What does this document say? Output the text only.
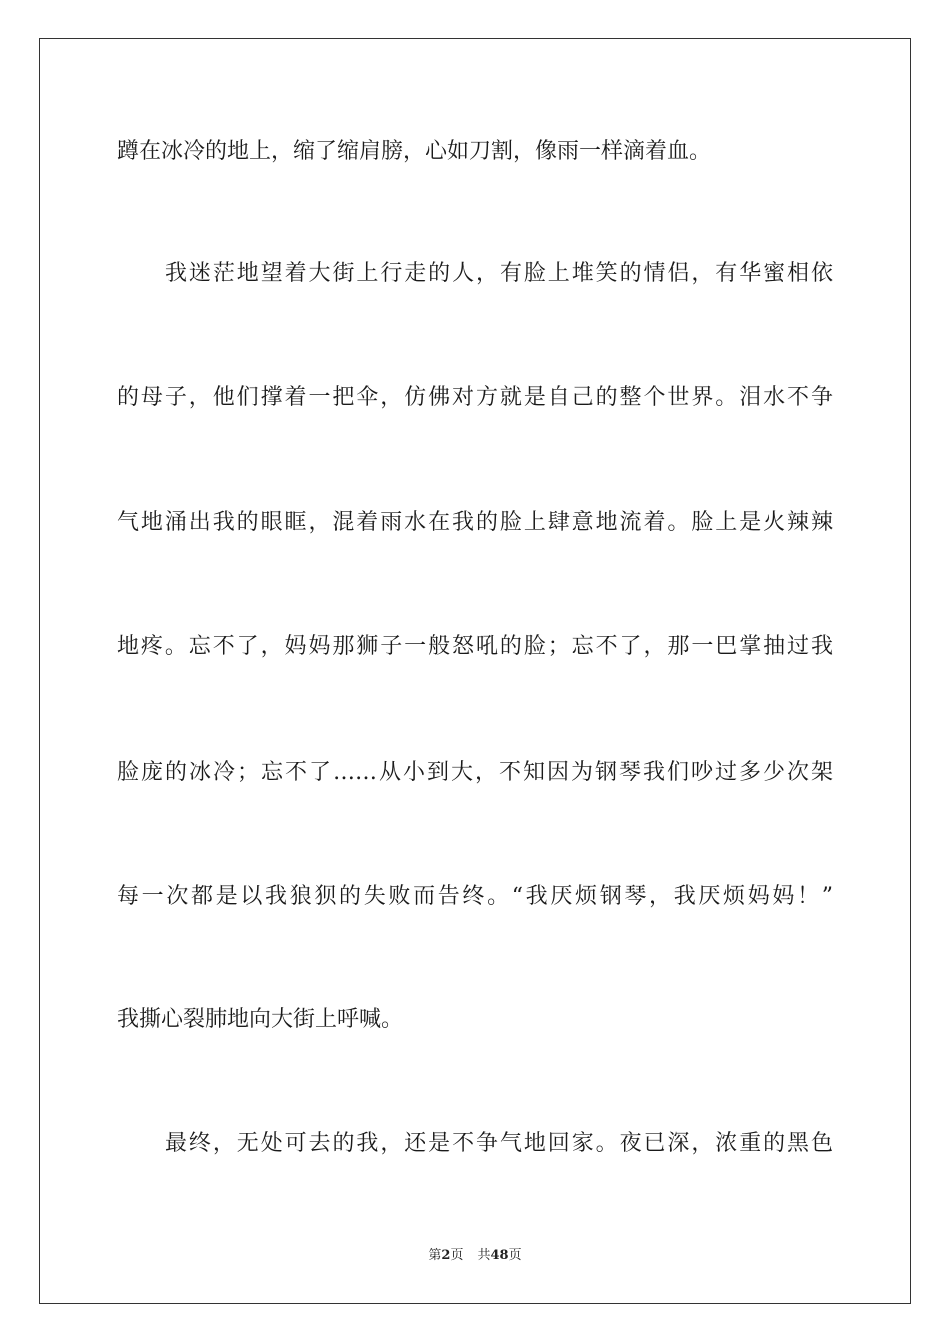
蹲在冰冷的地上，缩了缩肩膀，心如刀割，像雨一样滴着血。
我迷茫地望着大街上行走的人，有脸上堆笑的情侣，有华蜜相依
的母子，他们撑着一把伞，仿佛对方就是自己的整个世界。泪水不争
气地涌出我的眼眶，混着雨水在我的脸上肆意地流着。脸上是火辣辣
地疼。忘不了，妈妈那狮子一般怒吼的脸；忘不了，那一巴掌抽过我
脸庞的冰冷；忘不了……从小到大，不知因为钢琴我们吵过多少次架
每一次都是以我狼狈的失败而告终。“我厌烦钢琴，我厌烦妈妈！”
我撕心裂肺地向大街上呼喊。
最终，无处可去的我，还是不争气地回家。夜已深，浓重的黑色
第2页 共48页
